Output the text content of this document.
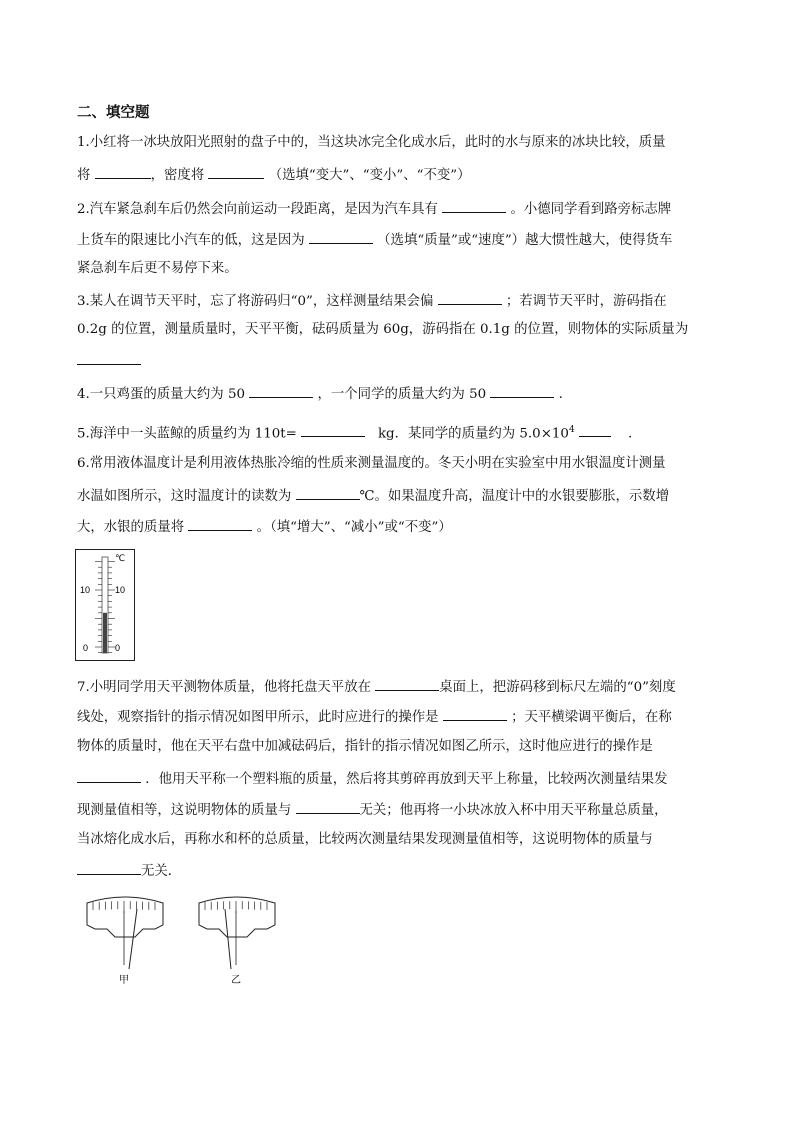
二、填空题
1.小红将一冰块放阳光照射的盘子中的，当这块冰完全化成水后，此时的水与原来的冰块比较，质量
将	，密度将	（选填“变大”、“变小”、“不变”）
2.汽车紧急刹车后仍然会向前运动一段距离，是因为汽车具有	。小德同学看到路旁标志牌
上货车的限速比小汽车的低，这是因为	（选填“质量”或“速度”）越大惯性越大，使得货车
紧急刹车后更不易停下来。
3.某人在调节天平时，忘了将游码归“0”，这样测量结果会偏	；若调节天平时，游码指在
0.2g 的位置，测量质量时，天平平衡，砝码质量为 60g，游码指在 0.1g 的位置，则物体的实际质量为
4.一只鸡蛋的质量大约为 50	，一个同学的质量大约为 50	.
5.海洋中一头蓝鲸的质量约为 110t=	kg．某同学的质量约为 $5.0\times 10^4$	.
6.常用液体温度计是利用液体热胀冷缩的性质来测量温度的。冬天小明在实验室中用水银温度计测量
水温如图所示，这时温度计的读数为	℃。如果温度升高，温度计中的水银要膨胀，示数增
大，水银的质量将	。（填“增大”、“减小”或“不变”）
℃
10	10
0	0
7.小明同学用天平测物体质量，他将托盘天平放在	桌面上，把游码移到标尺左端的“0”刻度
线处，观察指针的指示情况如图甲所示，此时应进行的操作是	；天平横梁调平衡后，在称
物体的质量时，他在天平右盘中加减砝码后，指针的指示情况如图乙所示，这时他应进行的操作是
．他用天平称一个塑料瓶的质量，然后将其剪碎再放到天平上称量，比较两次测量结果发
现测量值相等，这说明物体的质量与	无关；他再将一小块冰放入杯中用天平称量总质量，
当冰熔化成水后，再称水和杯的总质量，比较两次测量结果发现测量值相等，这说明物体的质量与
无关．
甲	乙
